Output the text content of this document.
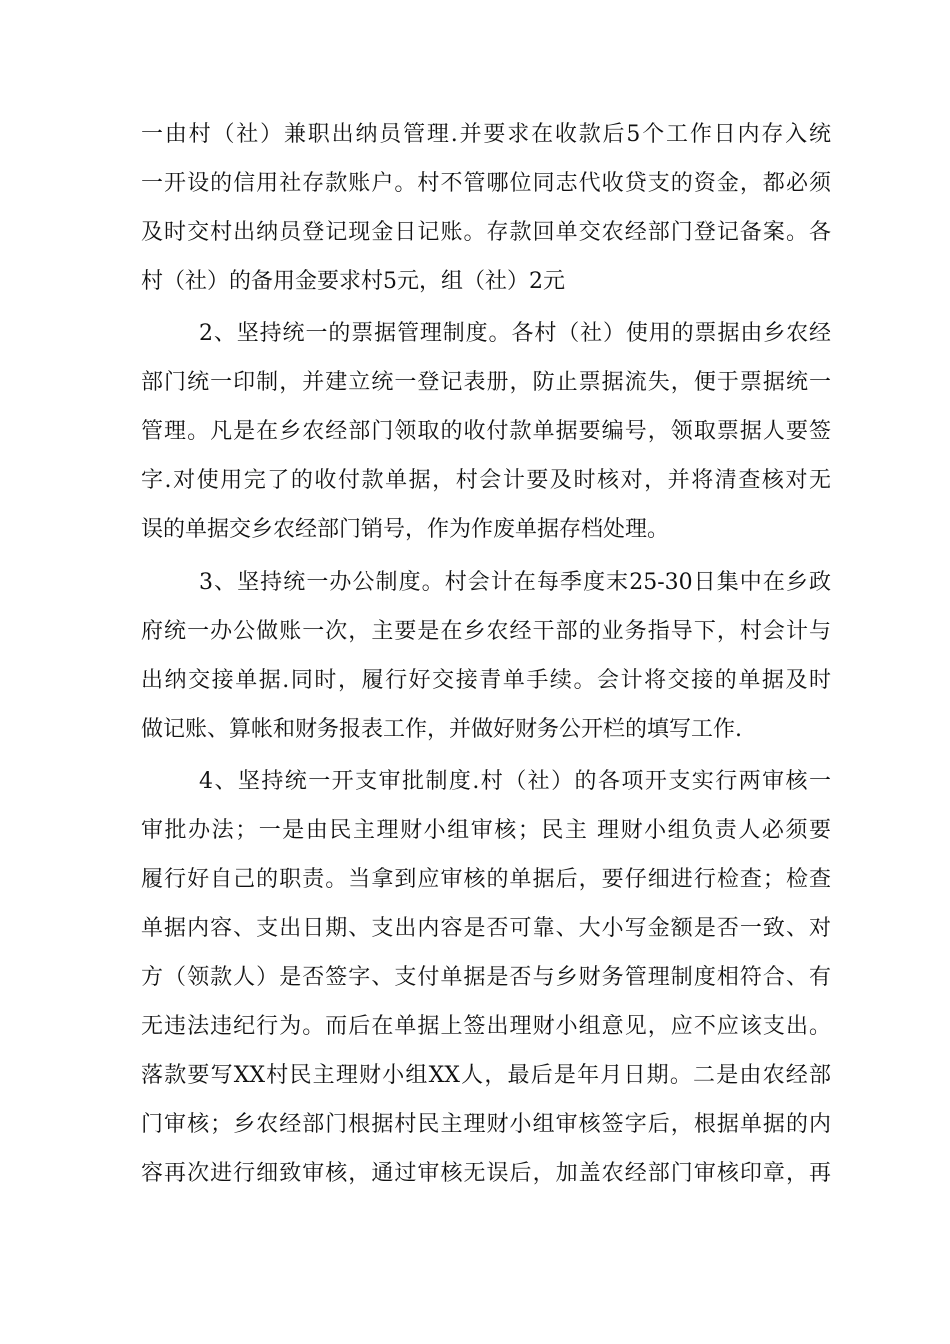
一由村（社）兼职出纳员管理.并要求在收款后5个工作日内存入统
一开设的信用社存款账户。村不管哪位同志代收贷支的资金，都必须
及时交村出纳员登记现金日记账。存款回单交农经部门登记备案。各
村（社）的备用金要求村5元，组（社）2元
2、坚持统一的票据管理制度。各村（社）使用的票据由乡农经
部门统一印制，并建立统一登记表册，防止票据流失，便于票据统一
管理。凡是在乡农经部门领取的收付款单据要编号，领取票据人要签
字.对使用完了的收付款单据，村会计要及时核对，并将清查核对无
误的单据交乡农经部门销号，作为作废单据存档处理。
3、坚持统一办公制度。村会计在每季度末25-30日集中在乡政
府统一办公做账一次，主要是在乡农经干部的业务指导下，村会计与
出纳交接单据.同时，履行好交接青单手续。会计将交接的单据及时
做记账、算帐和财务报表工作，并做好财务公开栏的填写工作.
4、坚持统一开支审批制度.村（社）的各项开支实行两审核一
审批办法；一是由民主理财小组审核；民主 理财小组负责人必须要
履行好自己的职责。当拿到应审核的单据后，要仔细进行检查；检查
单据内容、支出日期、支出内容是否可靠、大小写金额是否一致、对
方（领款人）是否签字、支付单据是否与乡财务管理制度相符合、有
无违法违纪行为。而后在单据上签出理财小组意见，应不应该支出。
落款要写XX村民主理财小组XX人，最后是年月日期。二是由农经部
门审核；乡农经部门根据村民主理财小组审核签字后，根据单据的内
容再次进行细致审核，通过审核无误后，加盖农经部门审核印章，再
